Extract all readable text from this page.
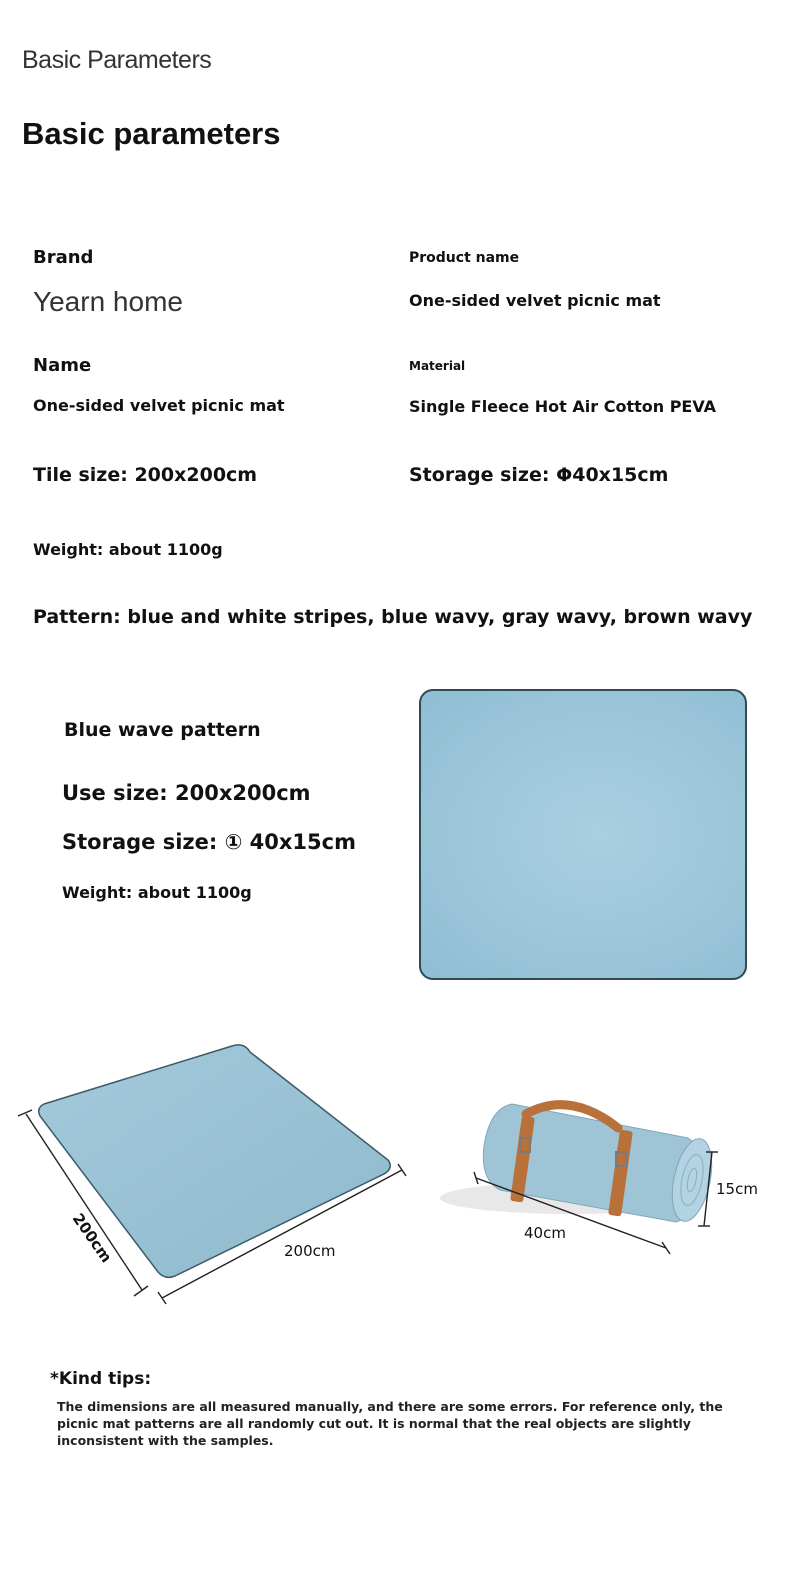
Basic Parameters
Basic parameters
Brand
Yearn home
Product name
One-sided velvet picnic mat
Name
One-sided velvet picnic mat
Material
Single Fleece Hot Air Cotton PEVA
Tile size: 200x200cm	Storage size: Φ40x15cm
Weight: about 1100g
Pattern: blue and white stripes, blue wavy, gray wavy, brown wavy
Blue wave pattern
Use size: 200x200cm
Storage size: ① 40x15cm
Weight: about 1100g
200cm	200cm
40cm
15cm
*Kind tips:
The dimensions are all measured manually, and there are some errors. For reference only, the
picnic mat patterns are all randomly cut out. It is normal that the real objects are slightly
inconsistent with the samples.
